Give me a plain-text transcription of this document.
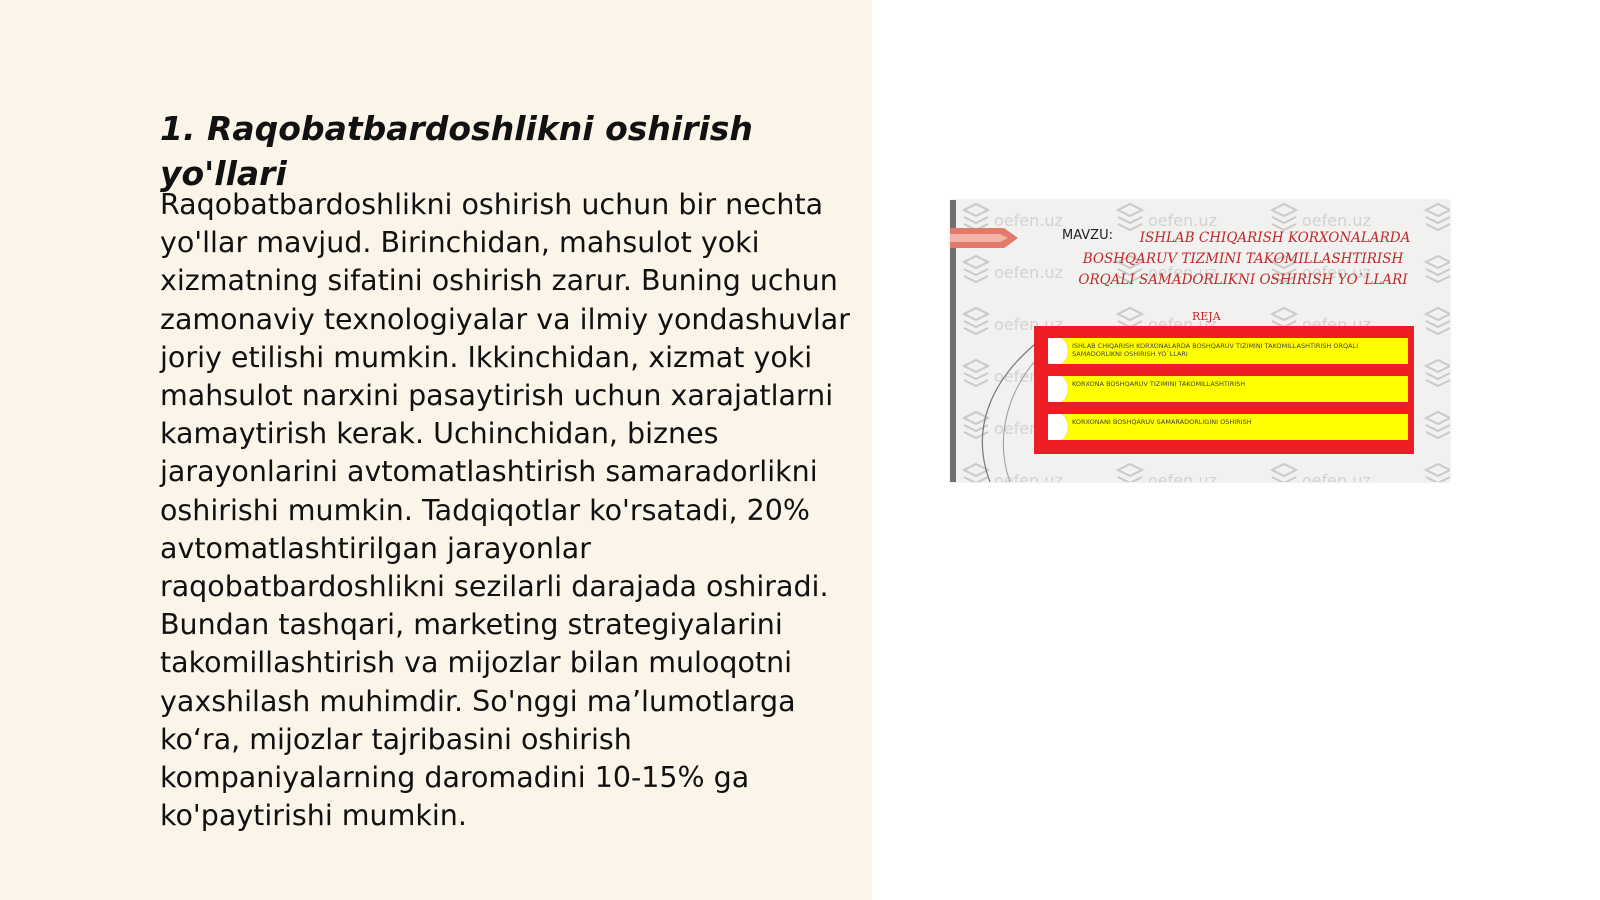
1. Raqobatbardoshlikni oshirish yo'llari

Raqobatbardoshlikni oshirish uchun bir nechta yo'llar mavjud. Birinchidan, mahsulot yoki xizmatning sifatini oshirish zarur. Buning uchun zamonaviy texnologiyalar va ilmiy yondashuvlar joriy etilishi mumkin. Ikkinchidan, xizmat yoki mahsulot narxini pasaytirish uchun xarajatlarni kamaytirish kerak. Uchinchidan, biznes jarayonlarini avtomatlashtirish samaradorlikni oshirishi mumkin. Tadqiqotlar ko'rsatadi, 20% avtomatlashtirilgan jarayonlar raqobatbardoshlikni sezilarli darajada oshiradi. Bundan tashqari, marketing strategiyalarini takomillashtirish va mijozlar bilan muloqotni yaxshilash muhimdir. So'nggi ma’lumotlarga ko‘ra, mijozlar tajribasini oshirish kompaniyalarning daromadini 10-15% ga ko'paytirishi mumkin.

MAVZU:	ISHLAB CHIQARISH KORXONALARDA BOSHQARUV TIZMINI TAKOMILLASHTIRISH ORQALI SAMADORLIKNI OSHIRISH YO`LLARI

REJA
ISHLAB CHIQARISH KORXONALARDA BOSHQARUV TIZIMINI TAKOMILLASHTIRISH ORQALI SAMADORLIKNI OSHIRISH YO`LLARI
KORXONA BOSHQARUV TIZIMINI TAKOMILLASHTIRISH
KORXONANI BOSHQARUV SAMARADORLIGINI OSHIRISH
